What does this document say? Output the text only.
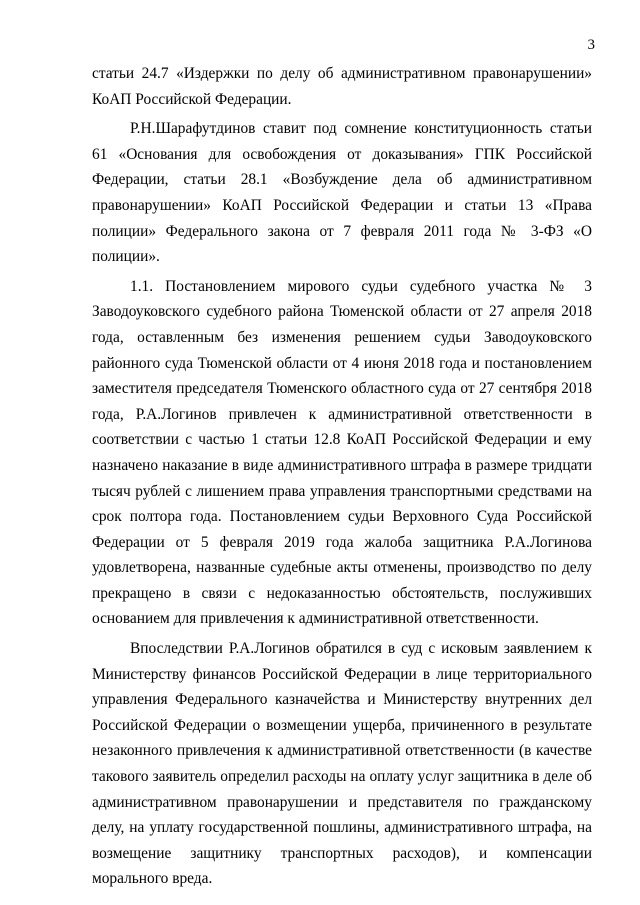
3

статьи 24.7 «Издержки по делу об административном правонарушении» КоАП Российской Федерации.

Р.Н.Шарафутдинов ставит под сомнение конституционность статьи 61 «Основания для освобождения от доказывания» ГПК Российской Федерации, статьи 28.1 «Возбуждение дела об административном правонарушении» КоАП Российской Федерации и статьи 13 «Права полиции» Федерального закона от 7 февраля 2011 года № 3-ФЗ «О полиции».

1.1. Постановлением мирового судьи судебного участка № 3 Заводоуковского судебного района Тюменской области от 27 апреля 2018 года, оставленным без изменения решением судьи Заводоуковского районного суда Тюменской области от 4 июня 2018 года и постановлением заместителя председателя Тюменского областного суда от 27 сентября 2018 года, Р.А.Логинов привлечен к административной ответственности в соответствии с частью 1 статьи 12.8 КоАП Российской Федерации и ему назначено наказание в виде административного штрафа в размере тридцати тысяч рублей с лишением права управления транспортными средствами на срок полтора года. Постановлением судьи Верховного Суда Российской Федерации от 5 февраля 2019 года жалоба защитника Р.А.Логинова удовлетворена, названные судебные акты отменены, производство по делу прекращено в связи с недоказанностью обстоятельств, послуживших основанием для привлечения к административной ответственности.

Впоследствии Р.А.Логинов обратился в суд с исковым заявлением к Министерству финансов Российской Федерации в лице территориального управления Федерального казначейства и Министерству внутренних дел Российской Федерации о возмещении ущерба, причиненного в результате незаконного привлечения к административной ответственности (в качестве такового заявитель определил расходы на оплату услуг защитника в деле об административном правонарушении и представителя по гражданскому делу, на уплату государственной пошлины, административного штрафа, на возмещение защитнику транспортных расходов), и компенсации морального вреда.
